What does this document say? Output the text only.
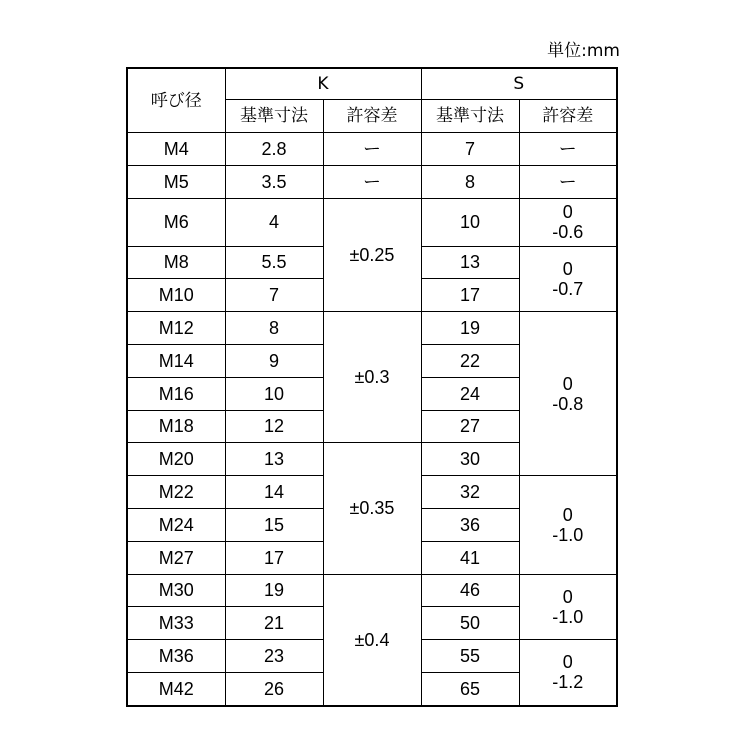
単位:mm
呼び径	K		S	
	基準寸法	許容差	基準寸法	許容差
M4	2.8	ー	7	ー
M5	3.5	ー	8	ー
M6	4	±0.25	10	0
-0.6
M8	5.5		13	0
-0.7
M10	7		17	
M12	8	±0.3	19	0
-0.8
M14	9		22	
M16	10		24	
M18	12		27	
M20	13	±0.35	30	
M22	14		32	0
-1.0
M24	15		36	
M27	17		41	
M30	19	±0.4	46	0
-1.0
M33	21		50	
M36	23		55	0
-1.2
M42	26		65	
